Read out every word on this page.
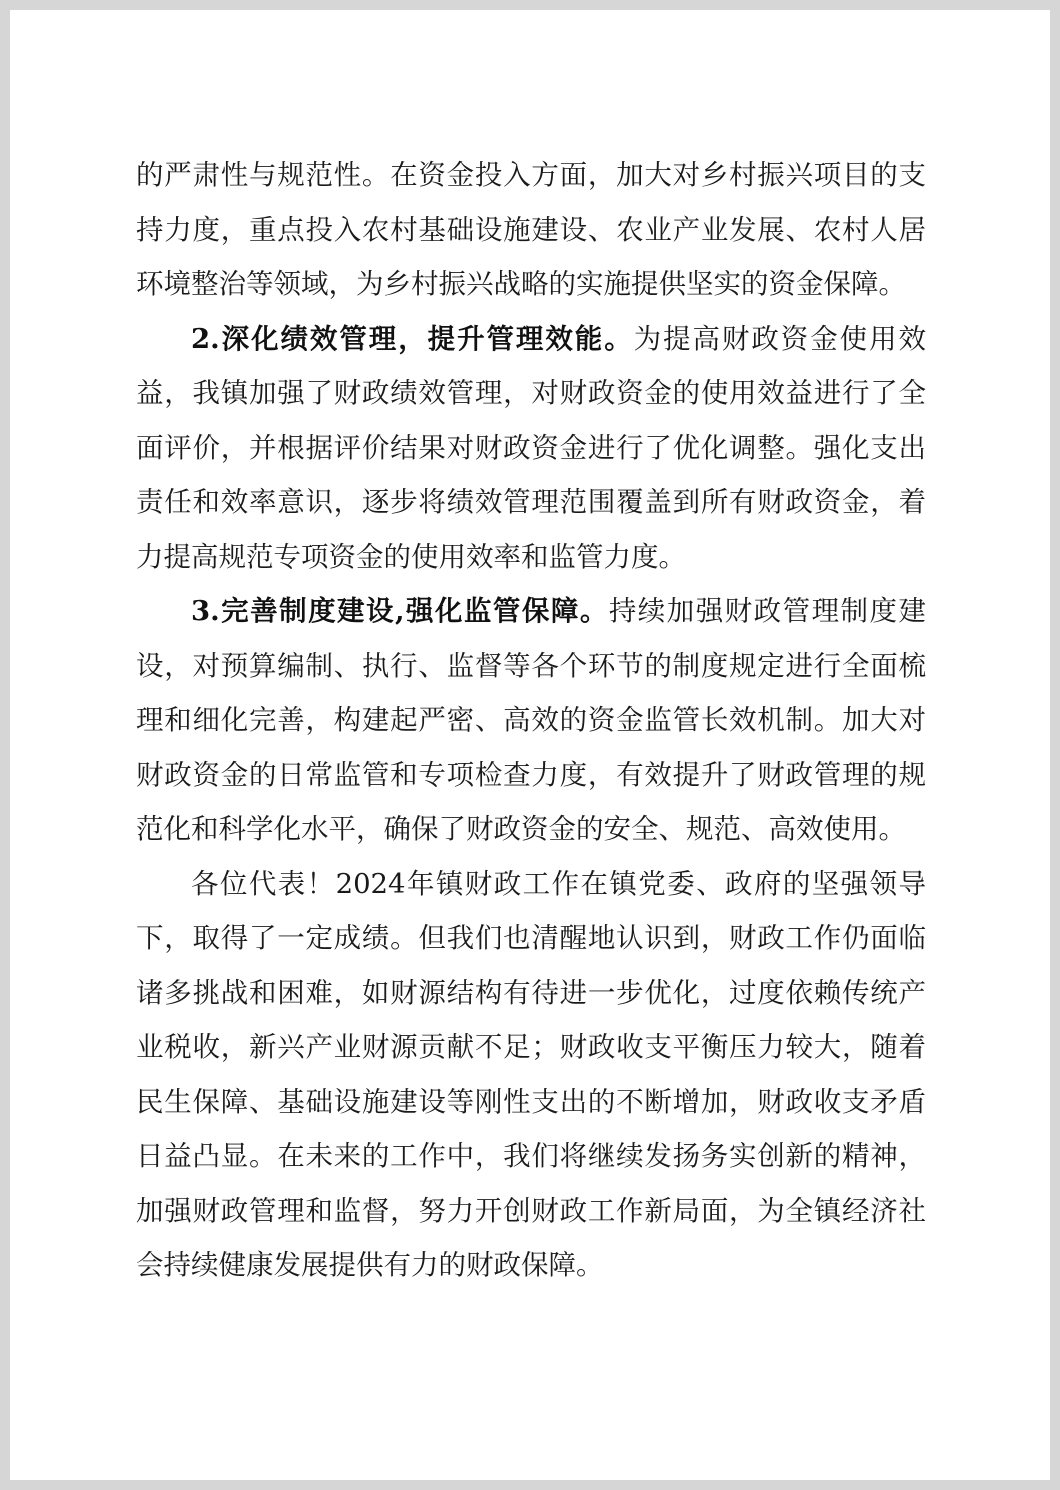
的严肃性与规范性。在资金投入方面，加大对乡村振兴项目的支持力度，重点投入农村基础设施建设、农业产业发展、农村人居环境整治等领域，为乡村振兴战略的实施提供坚实的资金保障。

2.深化绩效管理，提升管理效能。为提高财政资金使用效益，我镇加强了财政绩效管理，对财政资金的使用效益进行了全面评价，并根据评价结果对财政资金进行了优化调整。强化支出责任和效率意识，逐步将绩效管理范围覆盖到所有财政资金，着力提高规范专项资金的使用效率和监管力度。

3.完善制度建设,强化监管保障。持续加强财政管理制度建设，对预算编制、执行、监督等各个环节的制度规定进行全面梳理和细化完善，构建起严密、高效的资金监管长效机制。加大对财政资金的日常监管和专项检查力度，有效提升了财政管理的规范化和科学化水平，确保了财政资金的安全、规范、高效使用。

各位代表！2024年镇财政工作在镇党委、政府的坚强领导下，取得了一定成绩。但我们也清醒地认识到，财政工作仍面临诸多挑战和困难，如财源结构有待进一步优化，过度依赖传统产业税收，新兴产业财源贡献不足；财政收支平衡压力较大，随着民生保障、基础设施建设等刚性支出的不断增加，财政收支矛盾日益凸显。在未来的工作中，我们将继续发扬务实创新的精神，加强财政管理和监督，努力开创财政工作新局面，为全镇经济社会持续健康发展提供有力的财政保障。
